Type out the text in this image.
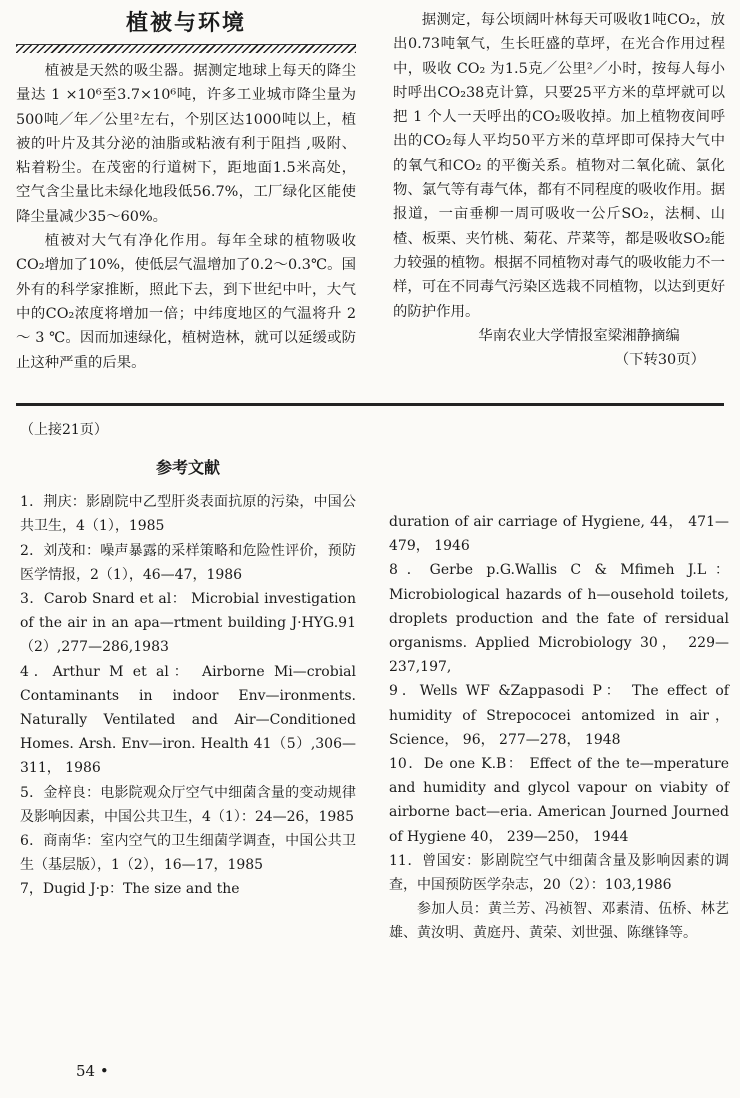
植被与环境

植被是天然的吸尘器。据测定地球上每天的降尘量达 1 ×10⁶至3.7×10⁶吨，许多工业城市降尘量为500吨／年／公里²左右，个别区达1000吨以上，植被的叶片及其分泌的油脂或粘液有利于阻挡 ,吸附、粘着粉尘。在茂密的行道树下，距地面1.5米高处， 空气含尘量比未绿化地段低56.7%，工厂绿化区能使降尘量减少35～60%。

植被对大气有净化作用。每年全球的植物吸收CO₂增加了10%，使低层气温增加了0.2～0.3℃。国外有的科学家推断，照此下去，到下世纪中叶，大气中的CO₂浓度将增加一倍；中纬度地区的气温将升 2 ～ 3 ℃。因而加速绿化，植树造林，就可以延缓或防止这种严重的后果。

据测定，每公顷阔叶林每天可吸收1吨CO₂，放出0.73吨氧气，生长旺盛的草坪，在光合作用过程中，吸收 CO₂ 为1.5克／公里²／小时，按每人每小时呼出CO₂38克计算，只要25平方米的草坪就可以把 1 个人一天呼出的CO₂吸收掉。加上植物夜间呼出的CO₂每人平均50平方米的草坪即可保持大气中的氧气和CO₂ 的平衡关系。植物对二氧化硫、氯化物、氯气等有毒气体，都有不同程度的吸收作用。据报道，一亩垂柳一周可吸收一公斤SO₂，法桐、山楂、板栗、夹竹桃、菊花、芹菜等，都是吸收SO₂能力较强的植物。根据不同植物对毒气的吸收能力不一样，可在不同毒气污染区选栽不同植物，以达到更好的防护作用。

华南农业大学情报室梁湘静摘编

（下转30页）

（上接21页）

参考文献

1．荆庆：影剧院中乙型肝炎表面抗原的污染，中国公共卫生，4（1），1985

2．刘茂和：噪声暴露的采样策略和危险性评价，预防医学情报，2（1），46—47，1986

3．Carob Snard et al： Microbial investigation of the air in an apa—rtment building J·HYG.91（2）,277—286,1983

4．Arthur M et al： Airborne Mi—crobial Contaminants in indoor Env—ironments. Naturally Ventilated and Air—Conditioned Homes. Arsh. Env—iron. Health 41（5）,306—311， 1986

5．金梓良：电影院观众厅空气中细菌含量的变动规律及影响因素，中国公共卫生，4（1）：24—26，1985

6．商南华：室内空气的卫生细菌学调查，中国公共卫生（基层版），1（2），16—17，1985

7，Dugid J·p：The size and the

duration of air carriage of Hygiene, 44， 471—479， 1946

8．Gerbe p.G.Wallis C & Mfimeh J.L： Microbiological hazards of h—ousehold toilets, droplets production and the fate of rersidual organisms. Applied Microbiology 30， 229—237,197,

9．Wells WF &Zappasodi P： The effect of humidity of Strepococei antomized in air， Science， 96， 277—278， 1948

10．De one K.B： Effect of the te—mperature and humidity and glycol vapour on viabity of airborne bact—eria. American Journed Journed of Hygiene 40， 239—250， 1944

11．曾国安：影剧院空气中细菌含量及影响因素的调查，中国预防医学杂志，20（2）：103,1986

参加人员：黄兰芳、冯祯智、邓素清、伍桥、林艺雄、黄汝明、黄庭丹、黄荣、刘世强、陈继锋等。

54 •
